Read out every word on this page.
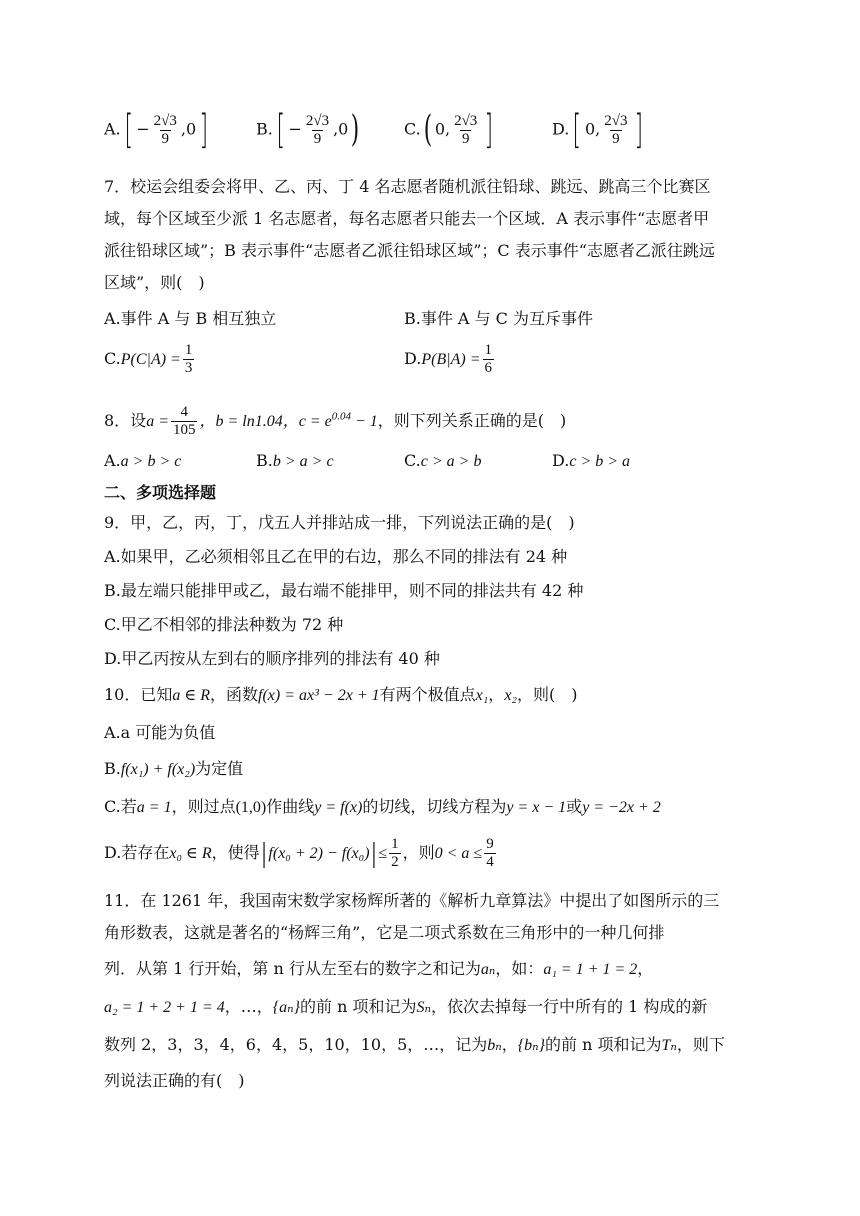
$A.[ - \frac{2√3}{9} ,0]$	$B.[ - \frac{2√3}{9} ,0)$	C.( 0, $\frac{2√3}{9}$ ]	D.[ 0, $\frac{2√3}{9}$ ]
7．校运会组委会将甲、乙、丙、丁 4 名志愿者随机派往铅球、跳远、跳高三个比赛区
域，每个区域至少派 1 名志愿者，每名志愿者只能去一个区域．A 表示事件“志愿者甲
派往铅球区域”；B 表示事件“志愿者乙派往铅球区域”；C 表示事件“志愿者乙派往跳远
区域”，则( )
A.事件 A 与 B 相互独立	B.事件 A 与 C 为互斥事件
$C.P(C|A) = \frac{1}{3}$	$D.P(B|A) = \frac{1}{6}$
8．设$a = \frac{4}{105}$ ，b = ln1.04，$c = e^{0.04} - 1$，则下列关系正确的是( )
A.a > b > c	B.b > a > c	C.c > a > b	D.c > b > a
二、多项选择题
9．甲，乙，丙，丁，戊五人并排站成一排，下列说法正确的是( )
A.如果甲，乙必须相邻且乙在甲的右边，那么不同的排法有 24 种
B.最左端只能排甲或乙，最右端不能排甲，则不同的排法共有 42 种
C.甲乙不相邻的排法种数为 72 种
D.甲乙丙按从左到右的顺序排列的排法有 40 种
10．已知a ∈ R，函数f(x) = ax³ − 2x + 1有两个极值点x₁，x₂，则( )
A.a 可能为负值
B.f(x₁) + f(x₂)为定值
C.若a = 1，则过点(1,0)作曲线y = f(x)的切线，切线方程为y = x − 1或y = −2x + 2
D.若存在x₀ ∈ R，使得$|f(x_0 + 2) - f(x_0)|\le \frac{1}{2}$ ，则$0 < a \le \frac{9}{4}$
11．在 1261 年，我国南宋数学家杨辉所著的《解析九章算法》中提出了如图所示的三
角形数表，这就是著名的“杨辉三角”，它是二项式系数在三角形中的一种几何排
列．从第 1 行开始，第 n 行从左至右的数字之和记为aₙ，如：a₁ = 1 + 1 = 2，
a₂ = 1 + 2 + 1 = 4，…，{aₙ}的前 n 项和记为Sₙ，依次去掉每一行中所有的 1 构成的新
数列 2，3，3，4，6，4，5，10，10，5，…，记为bₙ，{bₙ}的前 n 项和记为Tₙ，则下
列说法正确的有( )
